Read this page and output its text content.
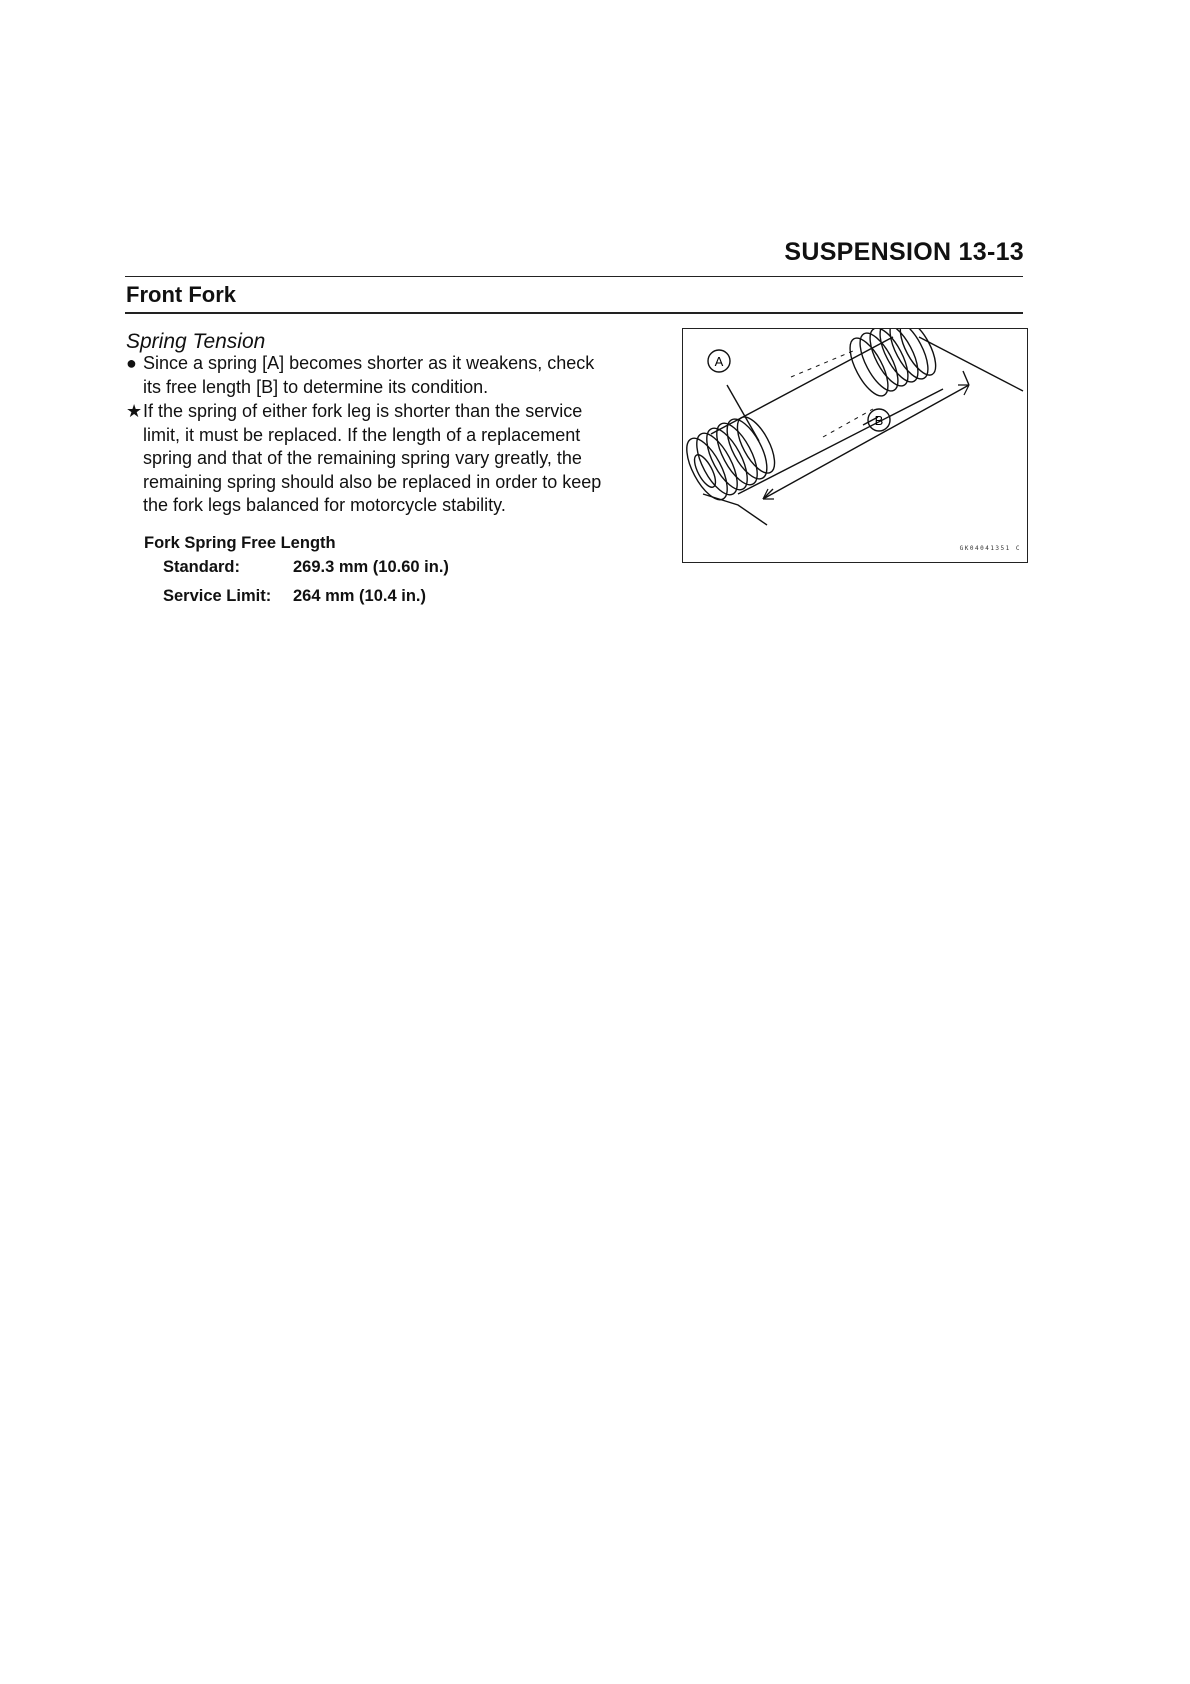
SUSPENSION 13-13
Front Fork
Spring Tension
● Since a spring [A] becomes shorter as it weakens, check
its free length [B] to determine its condition.
★ If the spring of either fork leg is shorter than the service
limit, it must be replaced. If the length of a replacement
spring and that of the remaining spring vary greatly, the
remaining spring should also be replaced in order to keep
the fork legs balanced for motorcycle stability.
Fork Spring Free Length
Standard:	269.3 mm (10.60 in.)
Service Limit: 264 mm (10.4 in.)
A
B
GK04041351 C
